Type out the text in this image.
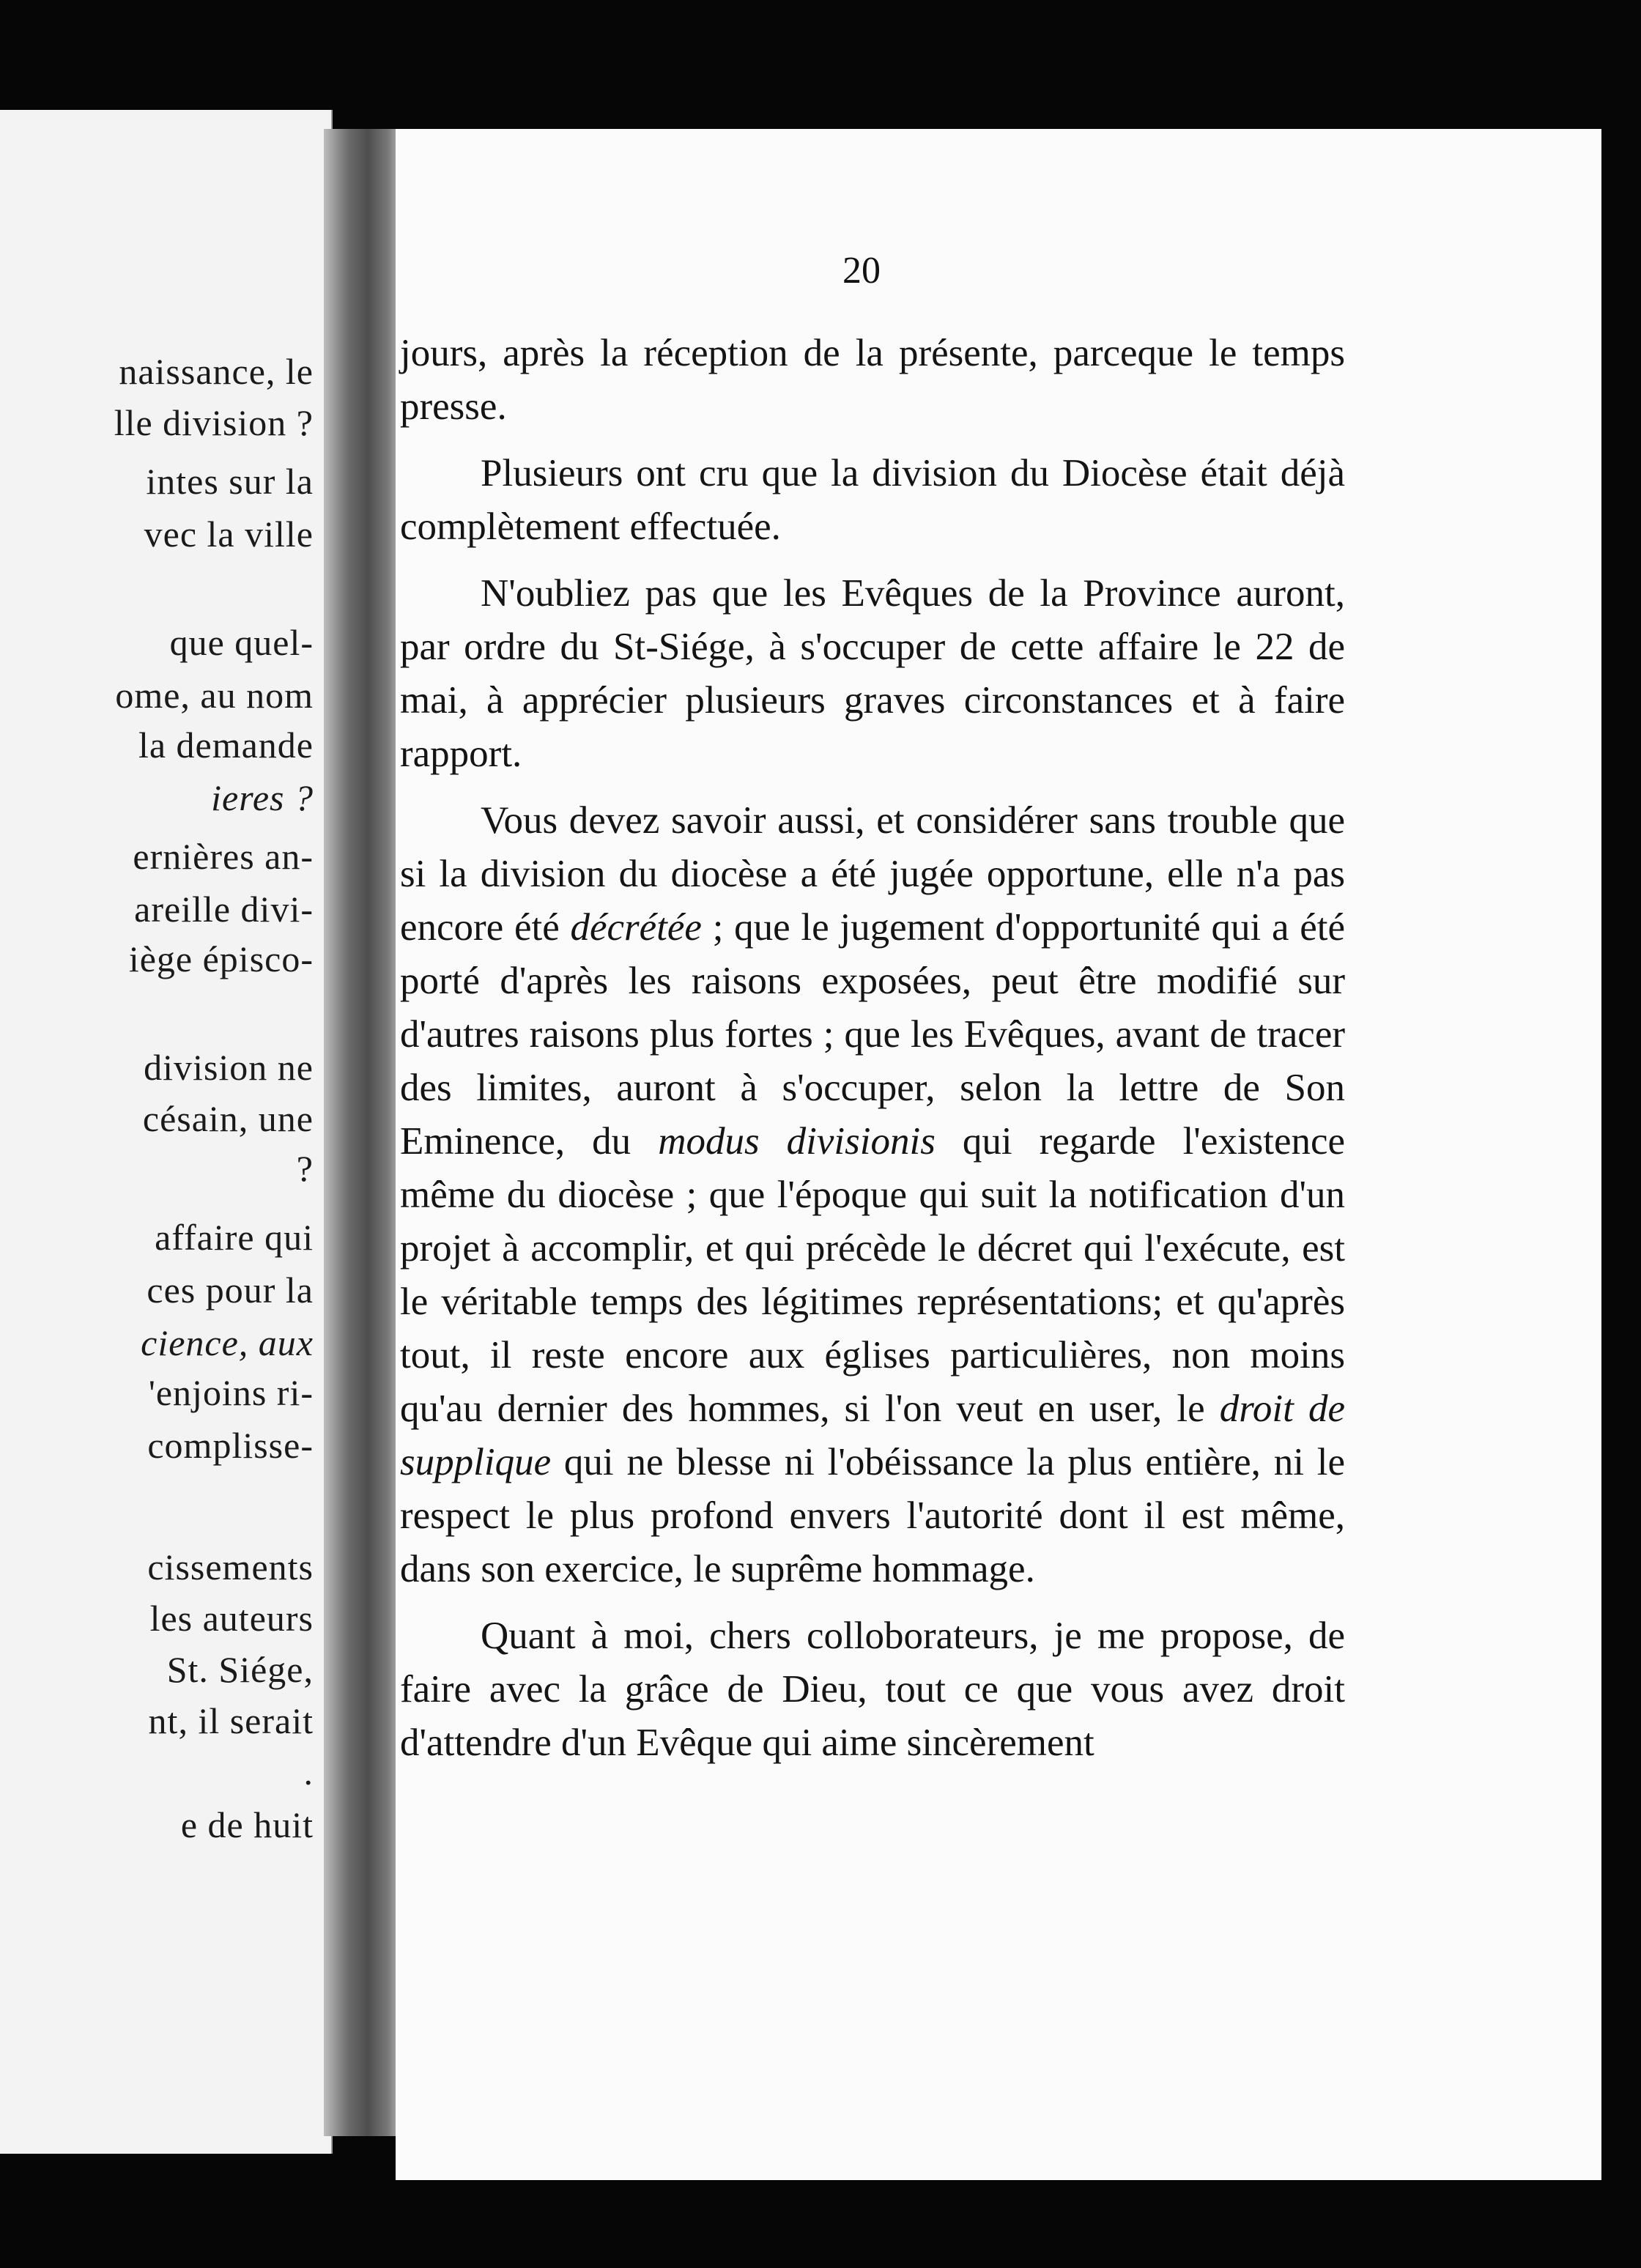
naissance, le
lle division ?
intes sur la
vec la ville
que quel-
ome, au nom
la demande
ieres ?
ernières an-
areille divi-
iège épisco-
division ne
césain, une
?
affaire qui
ces pour la
cience, aux
'enjoins ri-
complisse-
cissements
les auteurs
St. Siége,
nt, il serait
.
e de huit
20

jours, après la réception de la présente, parceque le temps presse.

Plusieurs ont cru que la division du Diocèse était déjà complètement effectuée.

N'oubliez pas que les Evêques de la Province auront, par ordre du St-Siége, à s'occuper de cette affaire le 22 de mai, à apprécier plusieurs graves circonstances et à faire rapport.

Vous devez savoir aussi, et considérer sans trouble que si la division du diocèse a été jugée opportune, elle n'a pas encore été décrétée ; que le jugement d'opportunité qui a été porté d'après les raisons exposées, peut être modifié sur d'autres raisons plus fortes ; que les Evêques, avant de tracer des limites, auront à s'occuper, selon la lettre de Son Eminence, du modus divisionis qui regarde l'existence même du diocèse ; que l'époque qui suit la notification d'un projet à accomplir, et qui précède le décret qui l'exécute, est le véritable temps des légitimes représentations; et qu'après tout, il reste encore aux églises particulières, non moins qu'au dernier des hommes, si l'on veut en user, le droit de supplique qui ne blesse ni l'obéissance la plus entière, ni le respect le plus profond envers l'autorité dont il est même, dans son exercice, le suprême hommage.

Quant à moi, chers colloborateurs, je me propose, de faire avec la grâce de Dieu, tout ce que vous avez droit d'attendre d'un Evêque qui aime sincèrement
